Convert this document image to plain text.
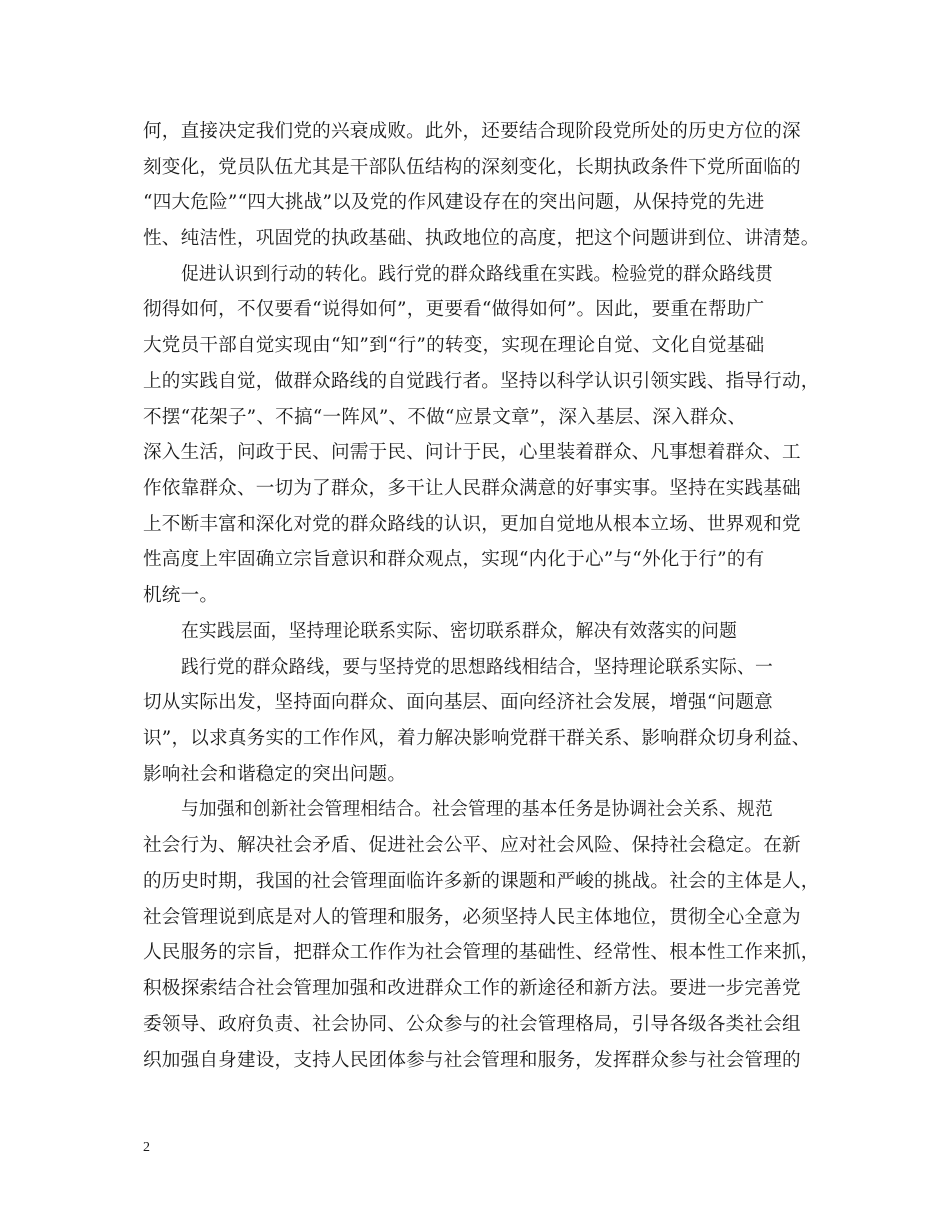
何，直接决定我们党的兴衰成败。此外，还要结合现阶段党所处的历史方位的深
刻变化，党员队伍尤其是干部队伍结构的深刻变化，长期执政条件下党所面临的
“四大危险”“四大挑战”以及党的作风建设存在的突出问题，从保持党的先进
性、纯洁性，巩固党的执政基础、执政地位的高度，把这个问题讲到位、讲清楚。
促进认识到行动的转化。践行党的群众路线重在实践。检验党的群众路线贯
彻得如何，不仅要看“说得如何”，更要看“做得如何”。因此，要重在帮助广
大党员干部自觉实现由“知”到“行”的转变，实现在理论自觉、文化自觉基础
上的实践自觉，做群众路线的自觉践行者。坚持以科学认识引领实践、指导行动，
不摆“花架子”、不搞“一阵风”、不做“应景文章”，深入基层、深入群众、
深入生活，问政于民、问需于民、问计于民，心里装着群众、凡事想着群众、工
作依靠群众、一切为了群众，多干让人民群众满意的好事实事。坚持在实践基础
上不断丰富和深化对党的群众路线的认识，更加自觉地从根本立场、世界观和党
性高度上牢固确立宗旨意识和群众观点，实现“内化于心”与“外化于行”的有
机统一。
在实践层面，坚持理论联系实际、密切联系群众，解决有效落实的问题
践行党的群众路线，要与坚持党的思想路线相结合，坚持理论联系实际、一
切从实际出发，坚持面向群众、面向基层、面向经济社会发展，增强“问题意
识”，以求真务实的工作作风，着力解决影响党群干群关系、影响群众切身利益、
影响社会和谐稳定的突出问题。
与加强和创新社会管理相结合。社会管理的基本任务是协调社会关系、规范
社会行为、解决社会矛盾、促进社会公平、应对社会风险、保持社会稳定。在新
的历史时期，我国的社会管理面临许多新的课题和严峻的挑战。社会的主体是人，
社会管理说到底是对人的管理和服务，必须坚持人民主体地位，贯彻全心全意为
人民服务的宗旨，把群众工作作为社会管理的基础性、经常性、根本性工作来抓，
积极探索结合社会管理加强和改进群众工作的新途径和新方法。要进一步完善党
委领导、政府负责、社会协同、公众参与的社会管理格局，引导各级各类社会组
织加强自身建设，支持人民团体参与社会管理和服务，发挥群众参与社会管理的
2
